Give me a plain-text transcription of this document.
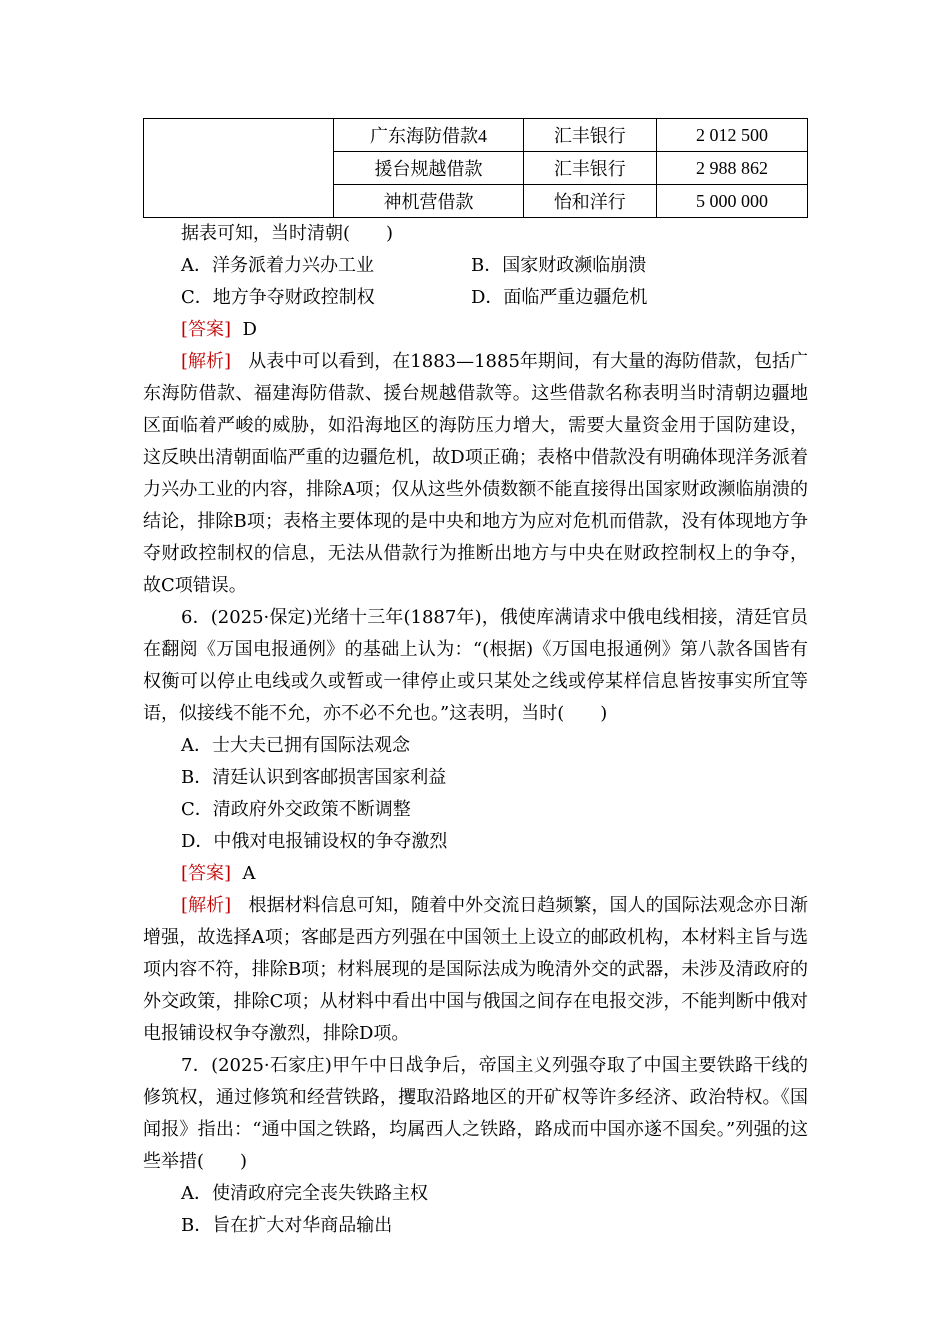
	广东海防借款4	汇丰银行	2 012 500
	援台规越借款	汇丰银行	2 988 862
	神机营借款	怡和洋行	5 000 000
据表可知，当时清朝(　　)
A．洋务派着力兴办工业	B．国家财政濒临崩溃
C．地方争夺财政控制权	D．面临严重边疆危机
[答案] D

[解析] 从表中可以看到，在1883—1885年期间，有大量的海防借款，包括广东海防借款、福建海防借款、援台规越借款等。这些借款名称表明当时清朝边疆地区面临着严峻的威胁，如沿海地区的海防压力增大，需要大量资金用于国防建设，这反映出清朝面临严重的边疆危机，故D项正确；表格中借款没有明确体现洋务派着力兴办工业的内容，排除A项；仅从这些外债数额不能直接得出国家财政濒临崩溃的结论，排除B项；表格主要体现的是中央和地方为应对危机而借款，没有体现地方争夺财政控制权的信息，无法从借款行为推断出地方与中央在财政控制权上的争夺，故C项错误。

6．(2025·保定)光绪十三年(1887年)，俄使库满请求中俄电线相接，清廷官员在翻阅《万国电报通例》的基础上认为：“(根据)《万国电报通例》第八款各国皆有权衡可以停止电线或久或暂或一律停止或只某处之线或停某样信息皆按事实所宜等语，似接线不能不允，亦不必不允也。”这表明，当时(　　)

A．士大夫已拥有国际法观念
B．清廷认识到客邮损害国家利益
C．清政府外交政策不断调整
D．中俄对电报铺设权的争夺激烈
[答案] A

[解析] 根据材料信息可知，随着中外交流日趋频繁，国人的国际法观念亦日渐增强，故选择A项；客邮是西方列强在中国领土上设立的邮政机构，本材料主旨与选项内容不符，排除B项；材料展现的是国际法成为晚清外交的武器，未涉及清政府的外交政策，排除C项；从材料中看出中国与俄国之间存在电报交涉，不能判断中俄对电报铺设权争夺激烈，排除D项。

7．(2025·石家庄)甲午中日战争后，帝国主义列强夺取了中国主要铁路干线的修筑权，通过修筑和经营铁路，攫取沿路地区的开矿权等许多经济、政治特权。《国闻报》指出：“通中国之铁路，均属西人之铁路，路成而中国亦遂不国矣。”列强的这些举措(　　)

A．使清政府完全丧失铁路主权
B．旨在扩大对华商品输出
